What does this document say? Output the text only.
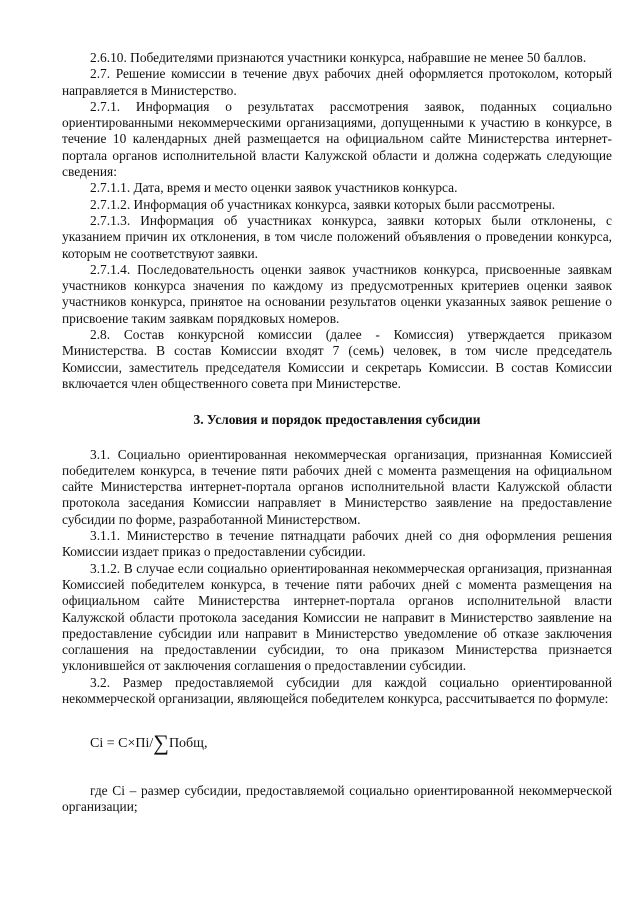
2.6.10. Победителями признаются участники конкурса, набравшие не менее 50 баллов.

2.7. Решение комиссии в течение двух рабочих дней оформляется протоколом, который направляется в Министерство.

2.7.1. Информация о результатах рассмотрения заявок, поданных социально ориентированными некоммерческими организациями, допущенными к участию в конкурсе, в течение 10 календарных дней размещается на официальном сайте Министерства интернет-портала органов исполнительной власти Калужской области и должна содержать следующие сведения:

2.7.1.1. Дата, время и место оценки заявок участников конкурса.

2.7.1.2. Информация об участниках конкурса, заявки которых были рассмотрены.

2.7.1.3. Информация об участниках конкурса, заявки которых были отклонены, с указанием причин их отклонения, в том числе положений объявления о проведении конкурса, которым не соответствуют заявки.

2.7.1.4. Последовательность оценки заявок участников конкурса, присвоенные заявкам участников конкурса значения по каждому из предусмотренных критериев оценки заявок участников конкурса, принятое на основании результатов оценки указанных заявок решение о присвоение таким заявкам порядковых номеров.

2.8. Состав конкурсной комиссии (далее - Комиссия) утверждается приказом Министерства. В состав Комиссии входят 7 (семь) человек, в том числе председатель Комиссии, заместитель председателя Комиссии и секретарь Комиссии. В состав Комиссии включается член общественного совета при Министерстве.

3. Условия и порядок предоставления субсидии

3.1. Социально ориентированная некоммерческая организация, признанная Комиссией победителем конкурса, в течение пяти рабочих дней с момента размещения на официальном сайте Министерства интернет-портала органов исполнительной власти Калужской области протокола заседания Комиссии направляет в Министерство заявление на предоставление субсидии по форме, разработанной Министерством.

3.1.1. Министерство в течение пятнадцати рабочих дней со дня оформления решения Комиссии издает приказ о предоставлении субсидии.

3.1.2. В случае если социально ориентированная некоммерческая организация, признанная Комиссией победителем конкурса, в течение пяти рабочих дней с момента размещения на официальном сайте Министерства интернет-портала органов исполнительной власти Калужской области протокола заседания Комиссии не направит в Министерство заявление на предоставление субсидии или направит в Министерство уведомление об отказе заключения соглашения на предоставлении субсидии, то она приказом Министерства признается уклонившейся от заключения соглашения о предоставлении субсидии.

3.2. Размер предоставляемой субсидии для каждой социально ориентированной некоммерческой организации, являющейся победителем конкурса, рассчитывается по формуле:

Ci = C×Пi/∑Побщ,

где Ci – размер субсидии, предоставляемой социально ориентированной некоммерческой организации;
